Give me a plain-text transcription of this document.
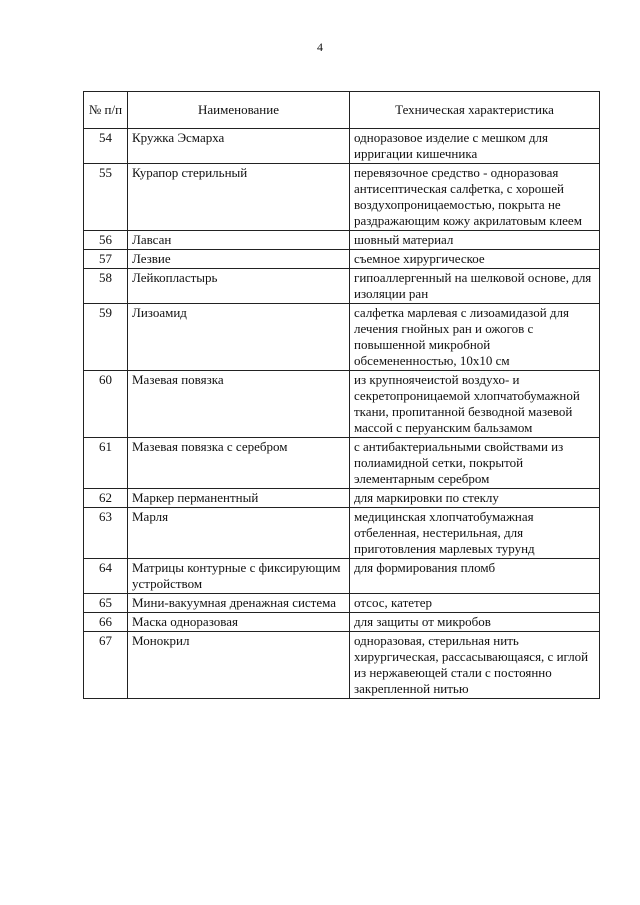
4
№ п/п	Наименование	Техническая характеристика
54	Кружка Эсмарха	одноразовое изделие с мешком для ирригации кишечника
55	Курапор стерильный	перевязочное средство - одноразовая антисептическая салфетка, с хорошей воздухопроницаемостью, покрыта не раздражающим кожу акрилатовым клеем
56	Лавсан	шовный материал
57	Лезвие	съемное хирургическое
58	Лейкопластырь	гипоаллергенный на шелковой основе, для изоляции ран
59	Лизоамид	салфетка марлевая с лизоамидазой для лечения гнойных ран и ожогов с повышенной микробной обсемененностью, 10x10 см
60	Мазевая повязка	из крупноячеистой воздухо- и секретопроницаемой хлопчатобумажной ткани, пропитанной безводной мазевой массой с перуанским бальзамом
61	Мазевая повязка с серебром	с антибактериальными свойствами из полиамидной сетки, покрытой элементарным серебром
62	Маркер перманентный	для маркировки по стеклу
63	Марля	медицинская хлопчатобумажная отбеленная, нестерильная, для приготовления марлевых турунд
64	Матрицы контурные с фиксирующим устройством	для формирования пломб
65	Мини-вакуумная дренажная система	отсос, катетер
66	Маска одноразовая	для защиты от микробов
67	Монокрил	одноразовая, стерильная нить хирургическая, рассасывающаяся, с иглой из нержавеющей стали с постоянно закрепленной нитью
